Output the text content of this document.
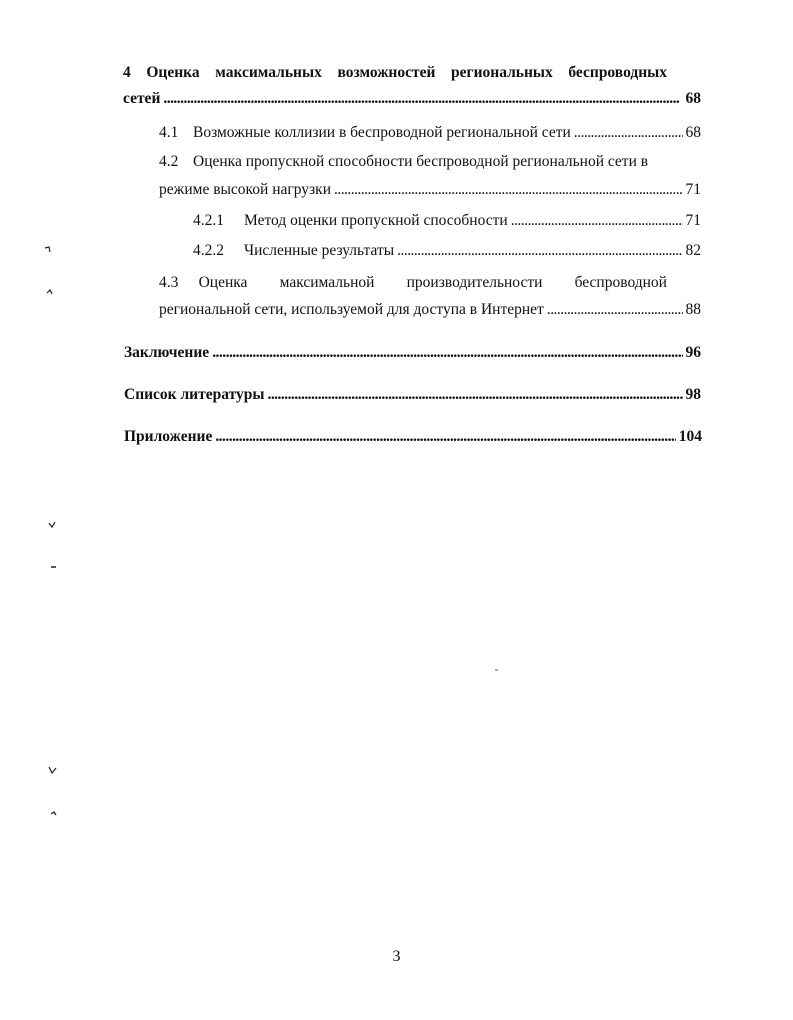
4 Оценка максимальных возможностей региональных беспроводных
сетей . . .	68
4.1 Возможные коллизии в беспроводной региональной сети . . .	68
4.2 Оценка пропускной способности беспроводной региональной сети в
режиме высокой нагрузки . . .	71
4.2.1 Метод оценки пропускной способности . . .	71
4.2.2 Численные результаты . . .	82
4.3 Оценка максимальной производительности беспроводной
региональной сети, используемой для доступа в Интернет . . .	88
Заключение . . .	96
Список литературы . . .	98
Приложение . . .	104
3
